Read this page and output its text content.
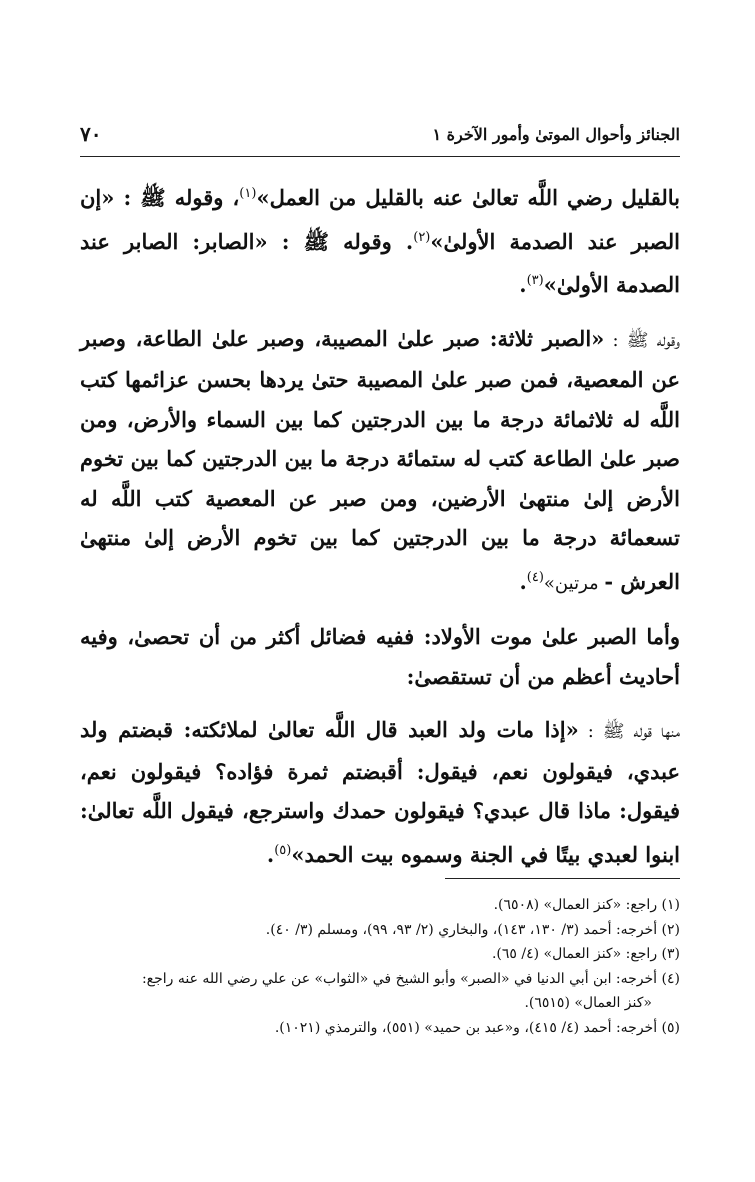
٧٠	الجنائز وأحوال الموتىٰ وأمور الآخرة ١

بالقليل رضي اللَّه تعالىٰ عنه بالقليل من العمل»$^{(١)}$، وقوله ﷺ : «إن الصبر عند الصدمة الأولىٰ»$^{(٢)}$. وقوله ﷺ : «الصابر: الصابر عند الصدمة الأولىٰ»$^{(٣)}$.

وقوله ﷺ : «الصبر ثلاثة: صبر علىٰ المصيبة، وصبر علىٰ الطاعة، وصبر عن المعصية، فمن صبر علىٰ المصيبة حتىٰ يردها بحسن عزائمها كتب اللَّه له ثلاثمائة درجة ما بين الدرجتين كما بين السماء والأرض، ومن صبر علىٰ الطاعة كتب له ستمائة درجة ما بين الدرجتين كما بين تخوم الأرض إلىٰ منتهىٰ الأرضين، ومن صبر عن المعصية كتب اللَّه له تسعمائة درجة ما بين الدرجتين كما بين تخوم الأرض إلىٰ منتهىٰ العرش - مرتين»$^{(٤)}$.

وأما الصبر علىٰ موت الأولاد: ففيه فضائل أكثر من أن تحصىٰ، وفيه أحاديث أعظم من أن تستقصىٰ:

منها قوله ﷺ : «إذا مات ولد العبد قال اللَّه تعالىٰ لملائكته: قبضتم ولد عبدي، فيقولون نعم، فيقول: أقبضتم ثمرة فؤاده؟ فيقولون نعم، فيقول: ماذا قال عبدي؟ فيقولون حمدك واسترجع، فيقول اللَّه تعالىٰ: ابنوا لعبدي بيتًا في الجنة وسموه بيت الحمد»$^{(٥)}$.

(١) راجع: «كنز العمال» (٦٥٠٨).

(٢) أخرجه: أحمد (٣/ ١٣٠، ١٤٣)، والبخاري (٢/ ٩٣، ٩٩)، ومسلم (٣/ ٤٠).

(٣) راجع: «كنز العمال» (٤/ ٦٥).

(٤) أخرجه: ابن أبي الدنيا في «الصبر» وأبو الشيخ في «الثواب» عن علي رضي الله عنه راجع:

«كنز العمال» (٦٥١٥).

(٥) أخرجه: أحمد (٤/ ٤١٥)، و«عبد بن حميد» (٥٥١)، والترمذي (١٠٢١).
